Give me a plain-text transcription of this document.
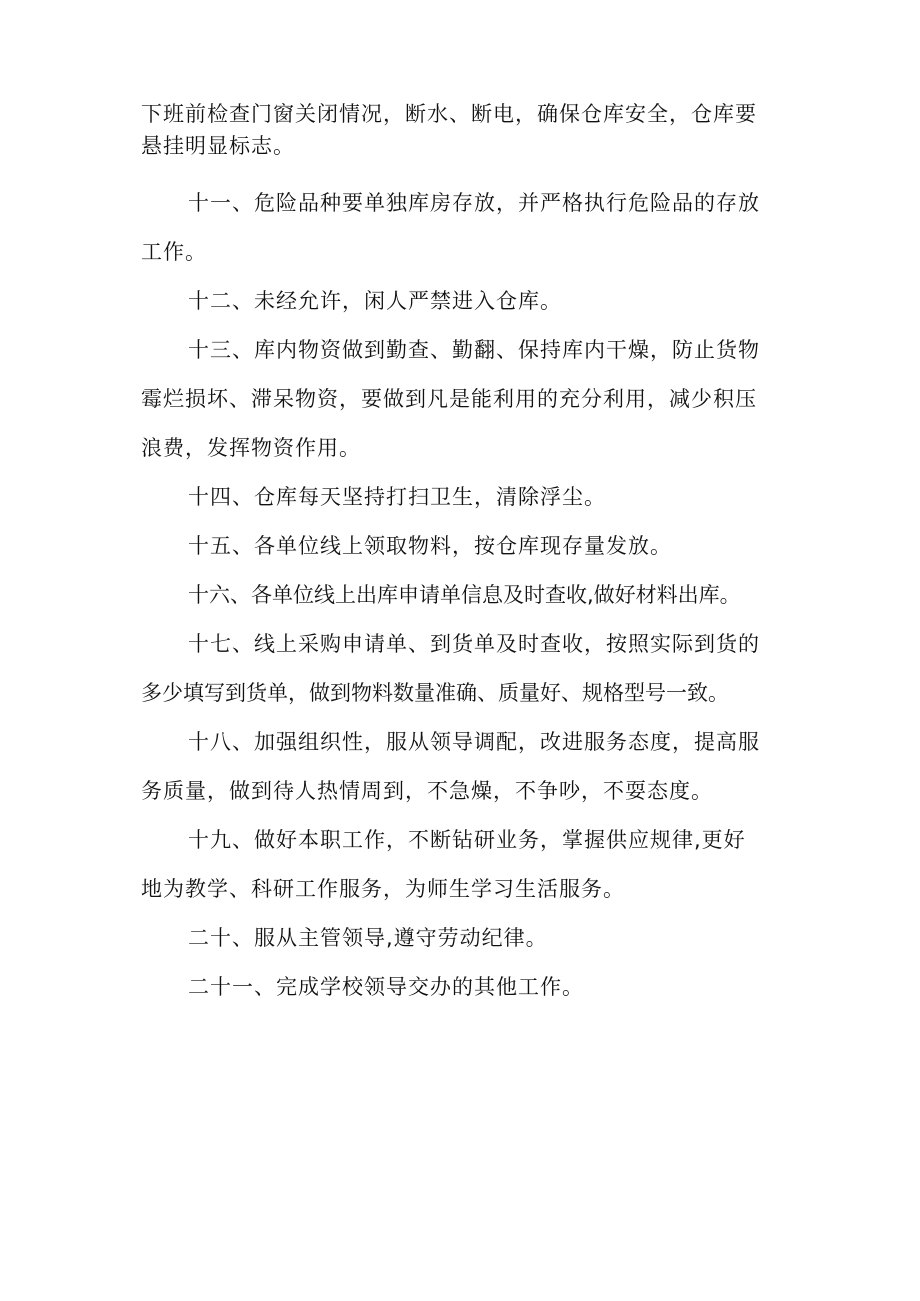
下班前检查门窗关闭情况，断水、断电，确保仓库安全，仓库要
悬挂明显标志。

十一、危险品种要单独库房存放，并严格执行危险品的存放
工作。

十二、未经允许，闲人严禁进入仓库。

十三、库内物资做到勤查、勤翻、保持库内干燥，防止货物
霉烂损坏、滞呆物资，要做到凡是能利用的充分利用，减少积压
浪费，发挥物资作用。

十四、仓库每天坚持打扫卫生，清除浮尘。

十五、各单位线上领取物料，按仓库现存量发放。

十六、各单位线上出库申请单信息及时查收,做好材料出库。

十七、线上采购申请单、到货单及时查收，按照实际到货的
多少填写到货单，做到物料数量准确、质量好、规格型号一致。

十八、加强组织性，服从领导调配，改进服务态度，提高服
务质量，做到待人热情周到，不急燥，不争吵，不耍态度。

十九、做好本职工作，不断钻研业务，掌握供应规律,更好
地为教学、科研工作服务，为师生学习生活服务。

二十、服从主管领导,遵守劳动纪律。

二十一、完成学校领导交办的其他工作。
